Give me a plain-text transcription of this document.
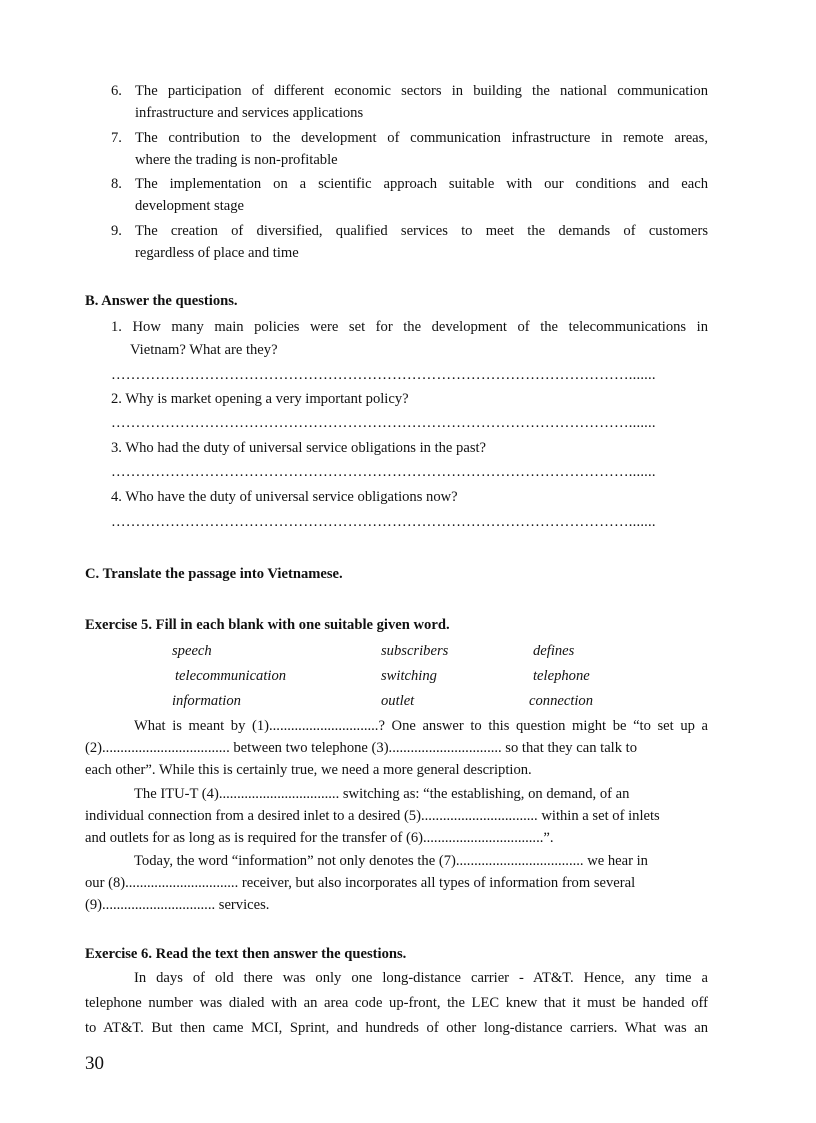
6. The participation of different economic sectors in building the national communication
infrastructure and services applications
7. The contribution to the development of communication infrastructure in remote areas,
where the trading is non-profitable
8. The implementation on a scientific approach suitable with our conditions and each
development stage
9. The creation of diversified, qualified services to meet the demands of customers
regardless of place and time
B. Answer the questions.
1. How many main policies were set for the development of the telecommunications in
Vietnam? What are they?
…………………………………………………………………………………………….......
2. Why is market opening a very important policy?
…………………………………………………………………………………………….......
3. Who had the duty of universal service obligations in the past?
…………………………………………………………………………………………….......
4. Who have the duty of universal service obligations now?
…………………………………………………………………………………………….......
C. Translate the passage into Vietnamese.
Exercise 5. Fill in each blank with one suitable given word.
speech	subscribers	defines
telecommunication	switching	telephone
information	outlet	connection
What is meant by (1)..............................? One answer to this question might be “to set up a
(2)................................... between two telephone (3)............................... so that they can talk to
each other”. While this is certainly true, we need a more general description.
The ITU-T (4)................................. switching as: “the establishing, on demand, of an
individual connection from a desired inlet to a desired (5)................................ within a set of inlets
and outlets for as long as is required for the transfer of (6).................................”.
Today, the word “information” not only denotes the (7)................................... we hear in
our (8)............................... receiver, but also incorporates all types of information from several
(9)............................... services.
Exercise 6. Read the text then answer the questions.
In days of old there was only one long-distance carrier - AT&T. Hence, any time a
telephone number was dialed with an area code up-front, the LEC knew that it must be handed off
to AT&T. But then came MCI, Sprint, and hundreds of other long-distance carriers. What was an
30
